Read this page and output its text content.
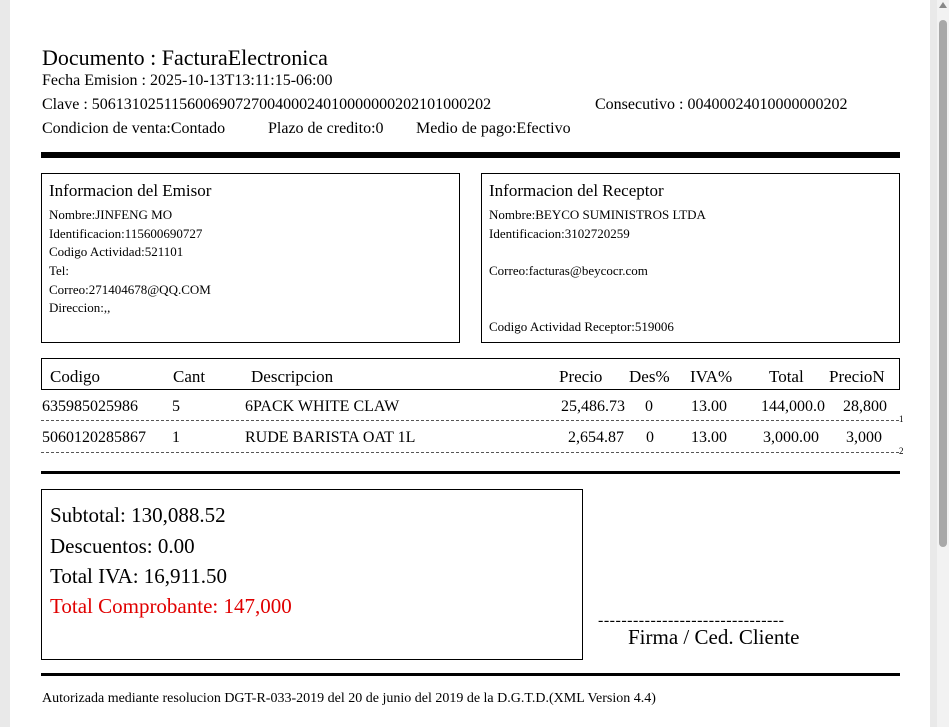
Documento : FacturaElectronica
Fecha Emision : 2025-10-13T13:11:15-06:00
Clave : 50613102511560069072700400024010000000202101000202	Consecutivo : 00400024010000000202
Condicion de venta:Contado	Plazo de credito:0 Medio de pago:Efectivo
Informacion del Emisor
Nombre:JINFENG MO
Identificacion:115600690727
Codigo Actividad:521101
Tel:
Correo:271404678@QQ.COM
Direccion:,,
Informacion del Receptor
Nombre:BEYCO SUMINISTROS LTDA
Identificacion:3102720259
Correo:facturas@beycocr.com
Codigo Actividad Receptor:519006
Codigo	Cant	Descripcion	Precio Des% IVA% Total PrecioN
635985025986 5	6PACK WHITE CLAW	25,486.73 0 13.00 144,000.0 28,800
1
5060120285867 1	RUDE BARISTA OAT 1L	2,654.87 0 13.00 3,000.00 3,000
2
Subtotal: 130,088.52
Descuentos: 0.00
Total IVA: 16,911.50
Total Comprobante: 147,000
--------------------------------
Firma / Ced. Cliente
Autorizada mediante resolucion DGT-R-033-2019 del 20 de junio del 2019 de la D.G.T.D.(XML Version 4.4)
